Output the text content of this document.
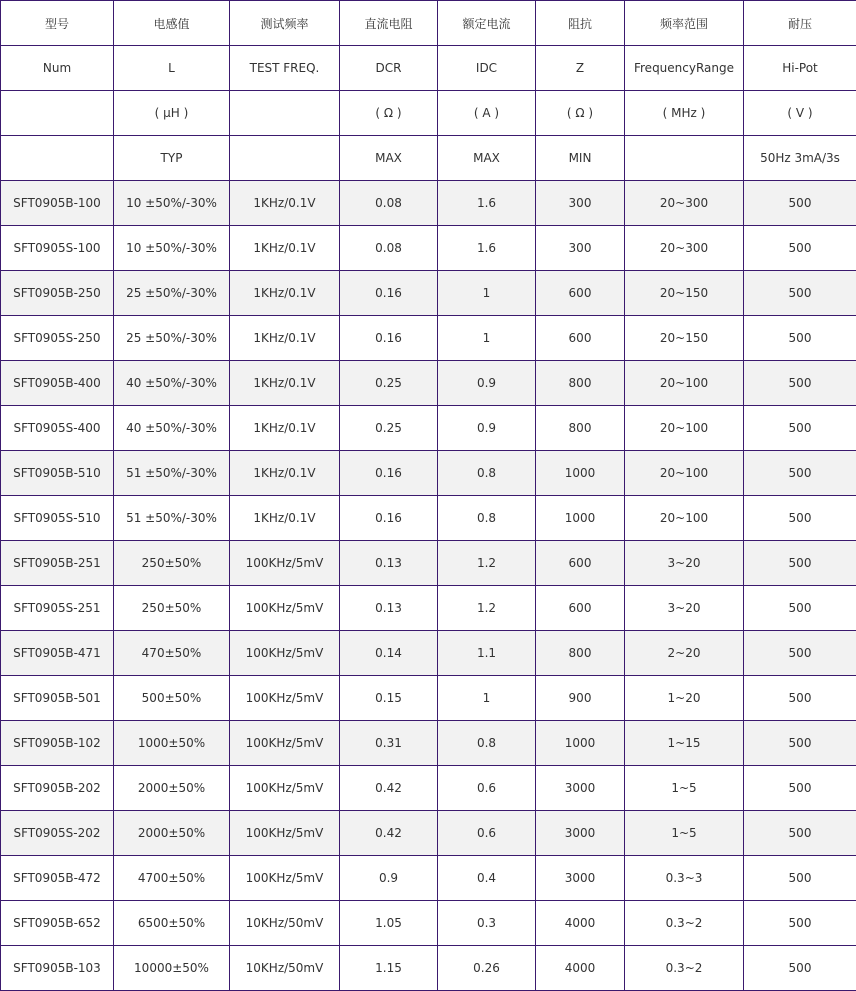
型号	电感值	测试频率	直流电阻	额定电流	阻抗	频率范围	耐压
Num	L	TEST FREQ.	DCR	IDC	Z	FrequencyRange	Hi-Pot
	( μH )		( Ω )	( A )	( Ω )	( MHz )	( V )
	TYP		MAX	MAX	MIN		50Hz 3mA/3s
SFT0905B-100	10 ±50%/-30%	1KHz/0.1V	0.08	1.6	300	20~300	500
SFT0905S-100	10 ±50%/-30%	1KHz/0.1V	0.08	1.6	300	20~300	500
SFT0905B-250	25 ±50%/-30%	1KHz/0.1V	0.16	1	600	20~150	500
SFT0905S-250	25 ±50%/-30%	1KHz/0.1V	0.16	1	600	20~150	500
SFT0905B-400	40 ±50%/-30%	1KHz/0.1V	0.25	0.9	800	20~100	500
SFT0905S-400	40 ±50%/-30%	1KHz/0.1V	0.25	0.9	800	20~100	500
SFT0905B-510	51 ±50%/-30%	1KHz/0.1V	0.16	0.8	1000	20~100	500
SFT0905S-510	51 ±50%/-30%	1KHz/0.1V	0.16	0.8	1000	20~100	500
SFT0905B-251	250±50%	100KHz/5mV	0.13	1.2	600	3~20	500
SFT0905S-251	250±50%	100KHz/5mV	0.13	1.2	600	3~20	500
SFT0905B-471	470±50%	100KHz/5mV	0.14	1.1	800	2~20	500
SFT0905B-501	500±50%	100KHz/5mV	0.15	1	900	1~20	500
SFT0905B-102	1000±50%	100KHz/5mV	0.31	0.8	1000	1~15	500
SFT0905B-202	2000±50%	100KHz/5mV	0.42	0.6	3000	1~5	500
SFT0905S-202	2000±50%	100KHz/5mV	0.42	0.6	3000	1~5	500
SFT0905B-472	4700±50%	100KHz/5mV	0.9	0.4	3000	0.3~3	500
SFT0905B-652	6500±50%	10KHz/50mV	1.05	0.3	4000	0.3~2	500
SFT0905B-103	10000±50%	10KHz/50mV	1.15	0.26	4000	0.3~2	500
